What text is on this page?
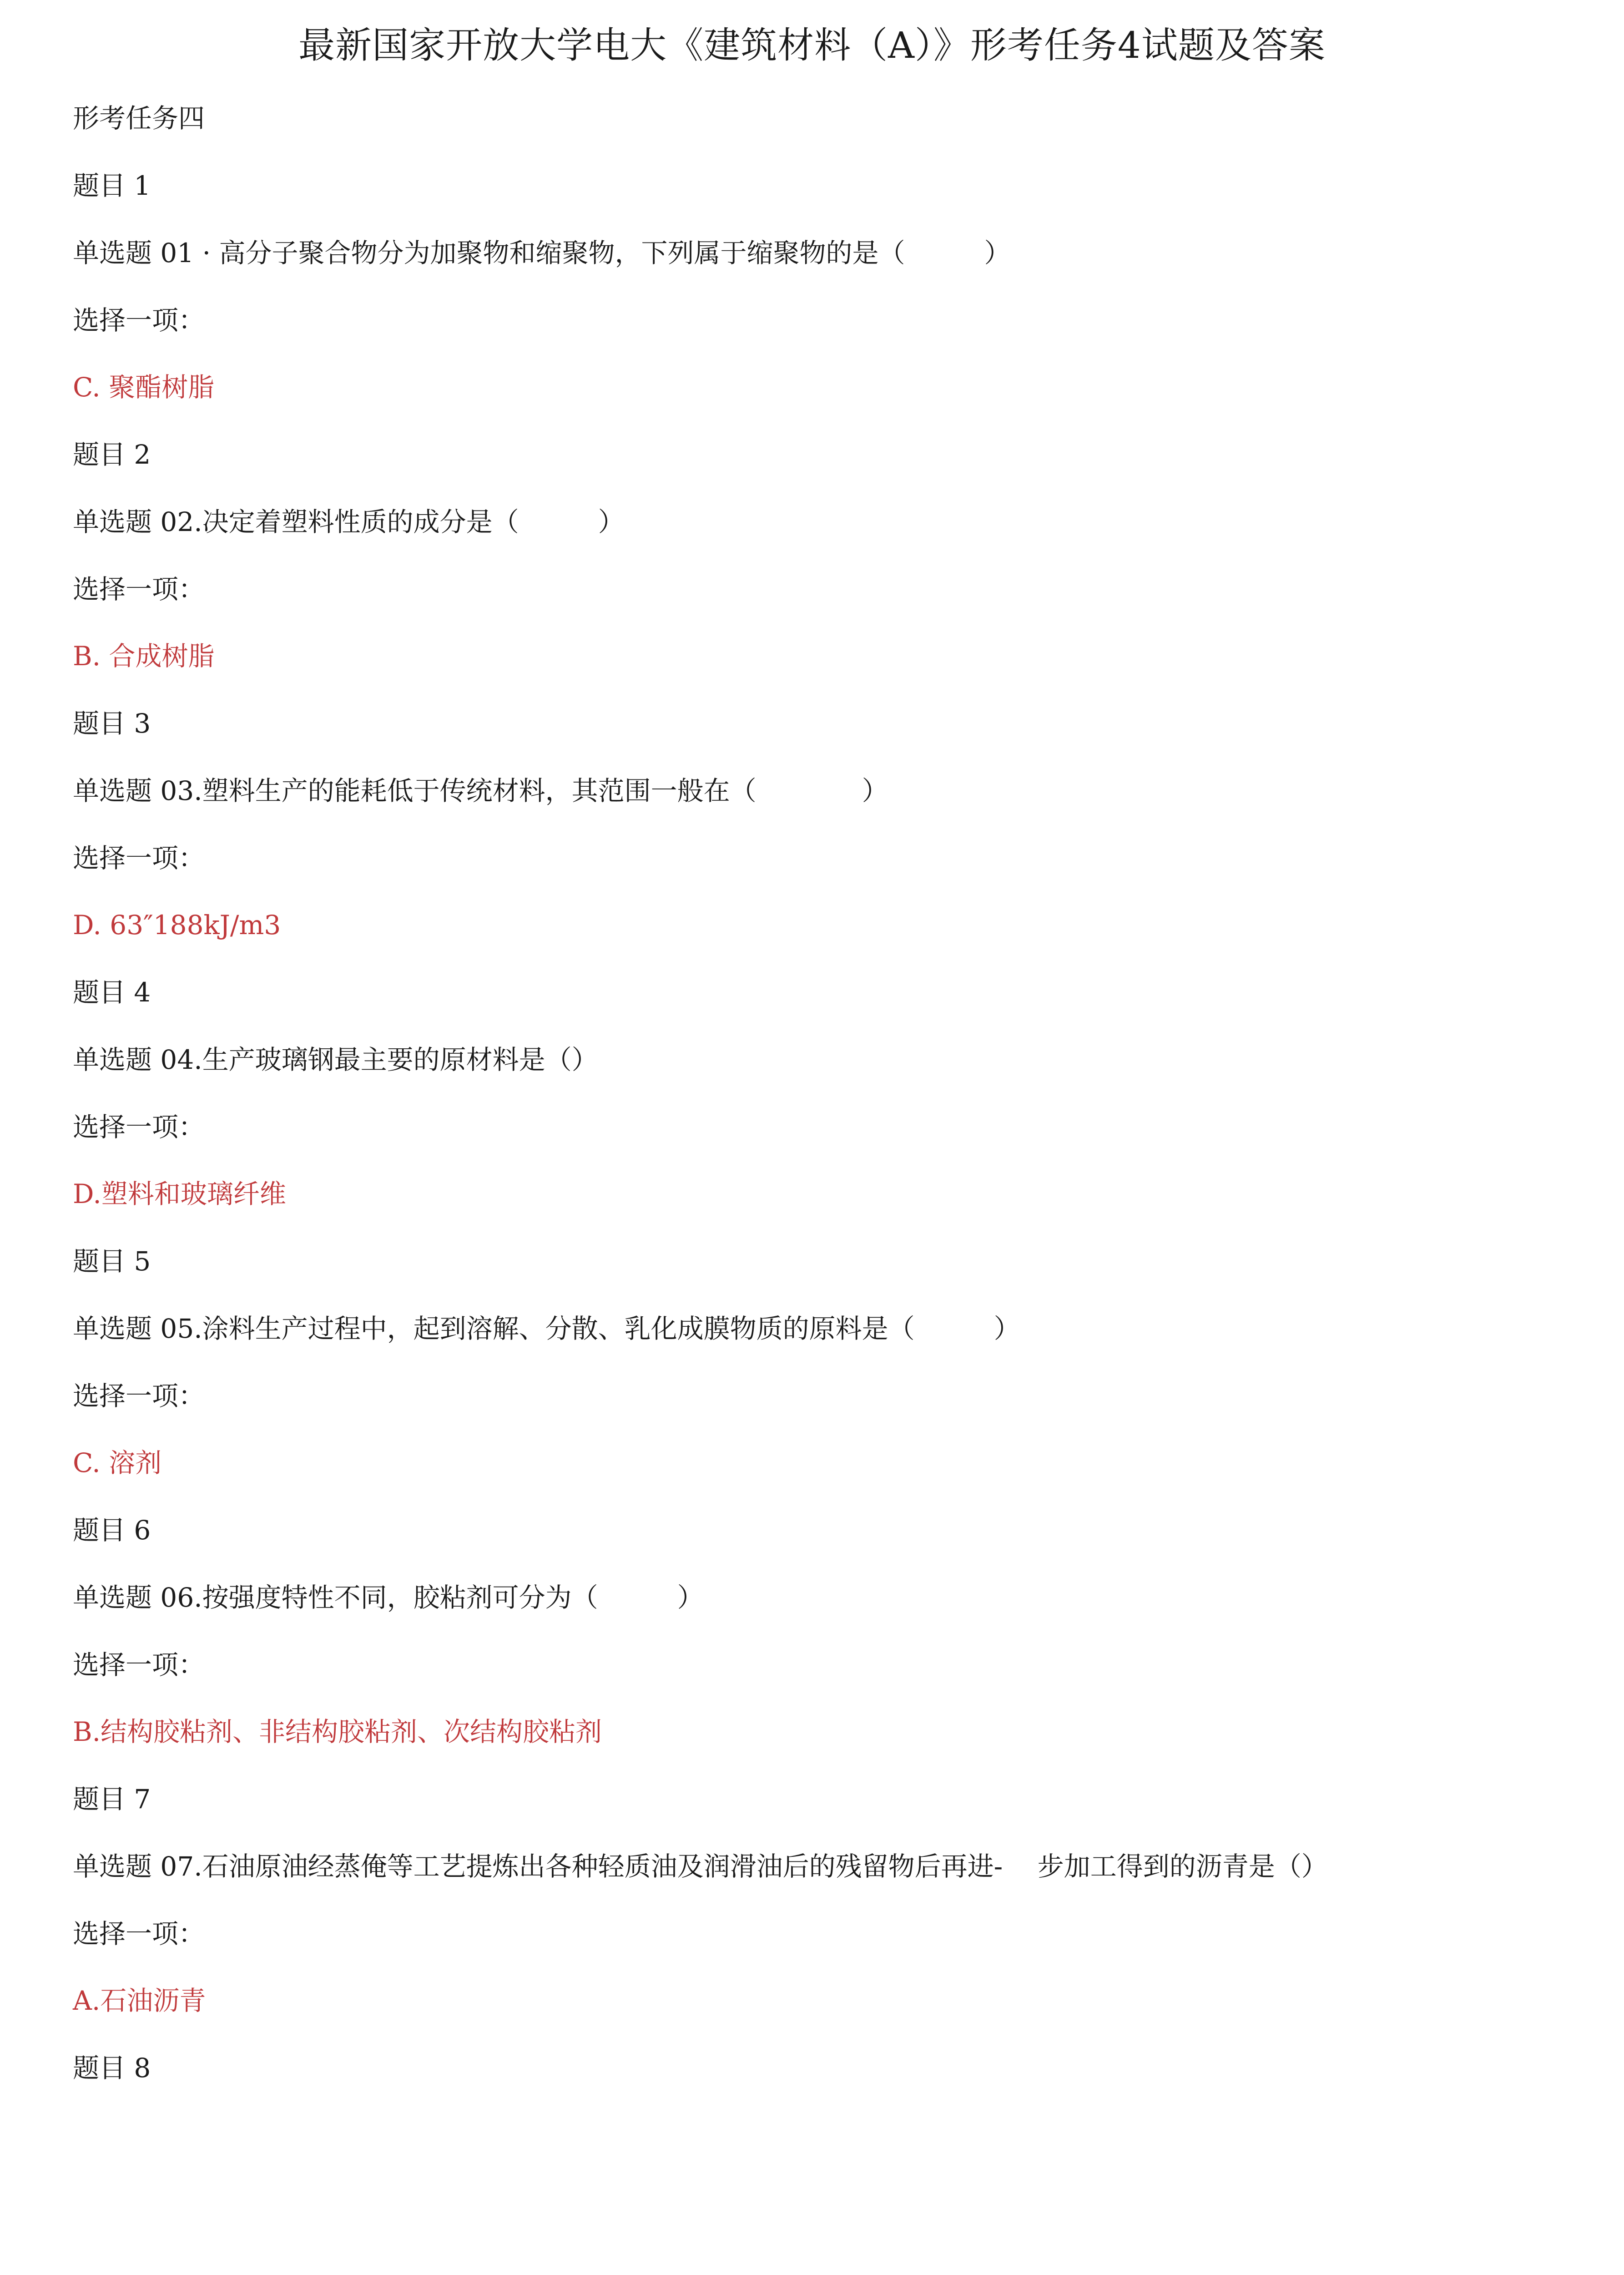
最新国家开放大学电大《建筑材料（A）》形考任务4试题及答案
形考任务四
题目 1
单选题 01 · 高分子聚合物分为加聚物和缩聚物，下列属于缩聚物的是（　　　）
选择一项：
C. 聚酯树脂
题目 2
单选题 02.决定着塑料性质的成分是（　　　）
选择一项：
B. 合成树脂
题目 3
单选题 03.塑料生产的能耗低于传统材料，其范围一般在（　　　　）
选择一项：
D. 63″188kJ/m3
题目 4
单选题 04.生产玻璃钢最主要的原材料是（）
选择一项：
D.塑料和玻璃纤维
题目 5
单选题 05.涂料生产过程中，起到溶解、分散、乳化成膜物质的原料是（　　　）
选择一项：
C. 溶剂
题目 6
单选题 06.按强度特性不同，胶粘剂可分为（　　　）
选择一项：
B.结构胶粘剂、非结构胶粘剂、次结构胶粘剂
题目 7
单选题 07.石油原油经蒸俺等工艺提炼出各种轻质油及润滑油后的残留物后再进-　 步加工得到的沥青是（）
选择一项：
A.石油沥青
题目 8
